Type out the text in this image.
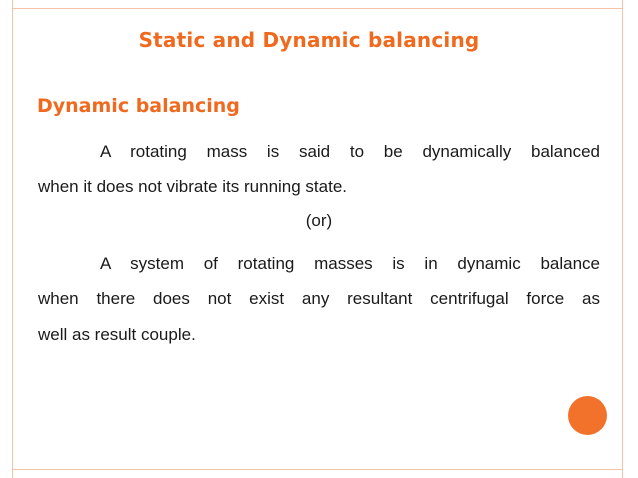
Static and Dynamic balancing
Dynamic balancing
A rotating mass is said to be dynamically balanced
when it does not vibrate its running state.
(or)
A system of rotating masses is in dynamic balance
when there does not exist any resultant centrifugal force as
well as result couple.
